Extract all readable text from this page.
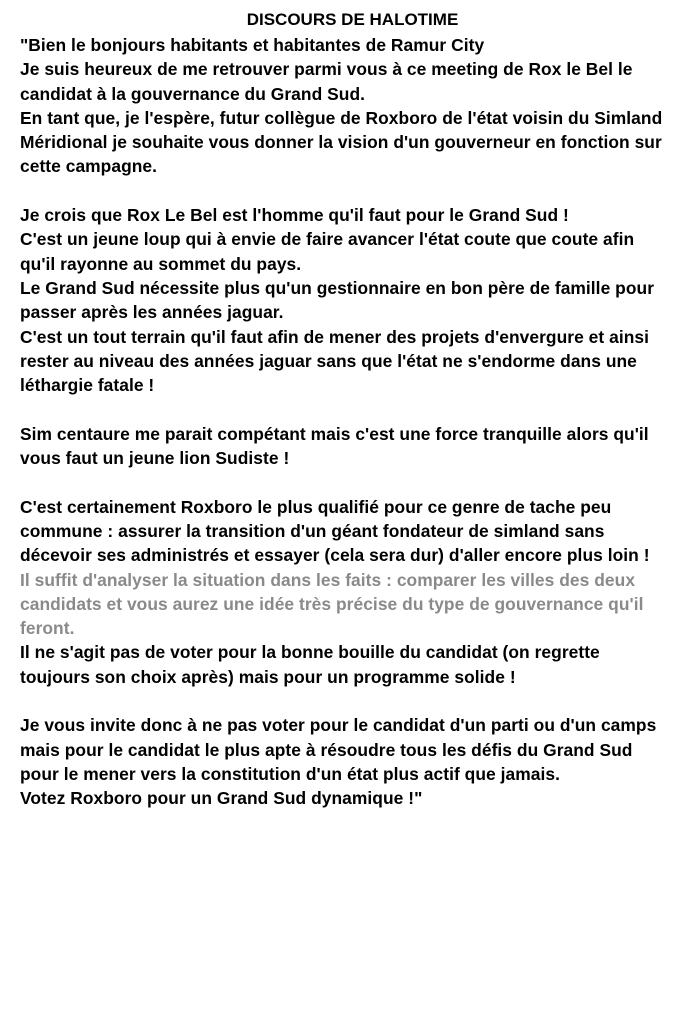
DISCOURS DE HALOTIME

"Bien le bonjours habitants et habitantes de Ramur City
Je suis heureux de me retrouver parmi vous à ce meeting de Rox le Bel le candidat à la gouvernance du Grand Sud.
En tant que, je l'espère, futur collègue de Roxboro de l'état voisin du Simland Méridional je souhaite vous donner la vision d'un gouverneur en fonction sur cette campagne.

Je crois que Rox Le Bel est l'homme qu'il faut pour le Grand Sud !
C'est un jeune loup qui à envie de faire avancer l'état coute que coute afin qu'il rayonne au sommet du pays.
Le Grand Sud nécessite plus qu'un gestionnaire en bon père de famille pour passer après les années jaguar.
C'est un tout terrain qu'il faut afin de mener des projets d'envergure et ainsi rester au niveau des années jaguar sans que l'état ne s'endorme dans une léthargie fatale !

Sim centaure me parait compétant mais c'est une force tranquille alors qu'il vous faut un jeune lion Sudiste !

C'est certainement Roxboro le plus qualifié pour ce genre de tache peu commune : assurer la transition d'un géant fondateur de simland sans décevoir ses administrés et essayer (cela sera dur) d'aller encore plus loin !

Il suffit d'analyser la situation dans les faits : comparer les villes des deux candidats et vous aurez une idée très précise du type de gouvernance qu'il feront.

Il ne s'agit pas de voter pour la bonne bouille du candidat (on regrette toujours son choix après) mais pour un programme solide !

Je vous invite donc à ne pas voter pour le candidat d'un parti ou d'un camps mais pour le candidat le plus apte à résoudre tous les défis du Grand Sud pour le mener vers la constitution d'un état plus actif que jamais.
Votez Roxboro pour un Grand Sud dynamique !"
